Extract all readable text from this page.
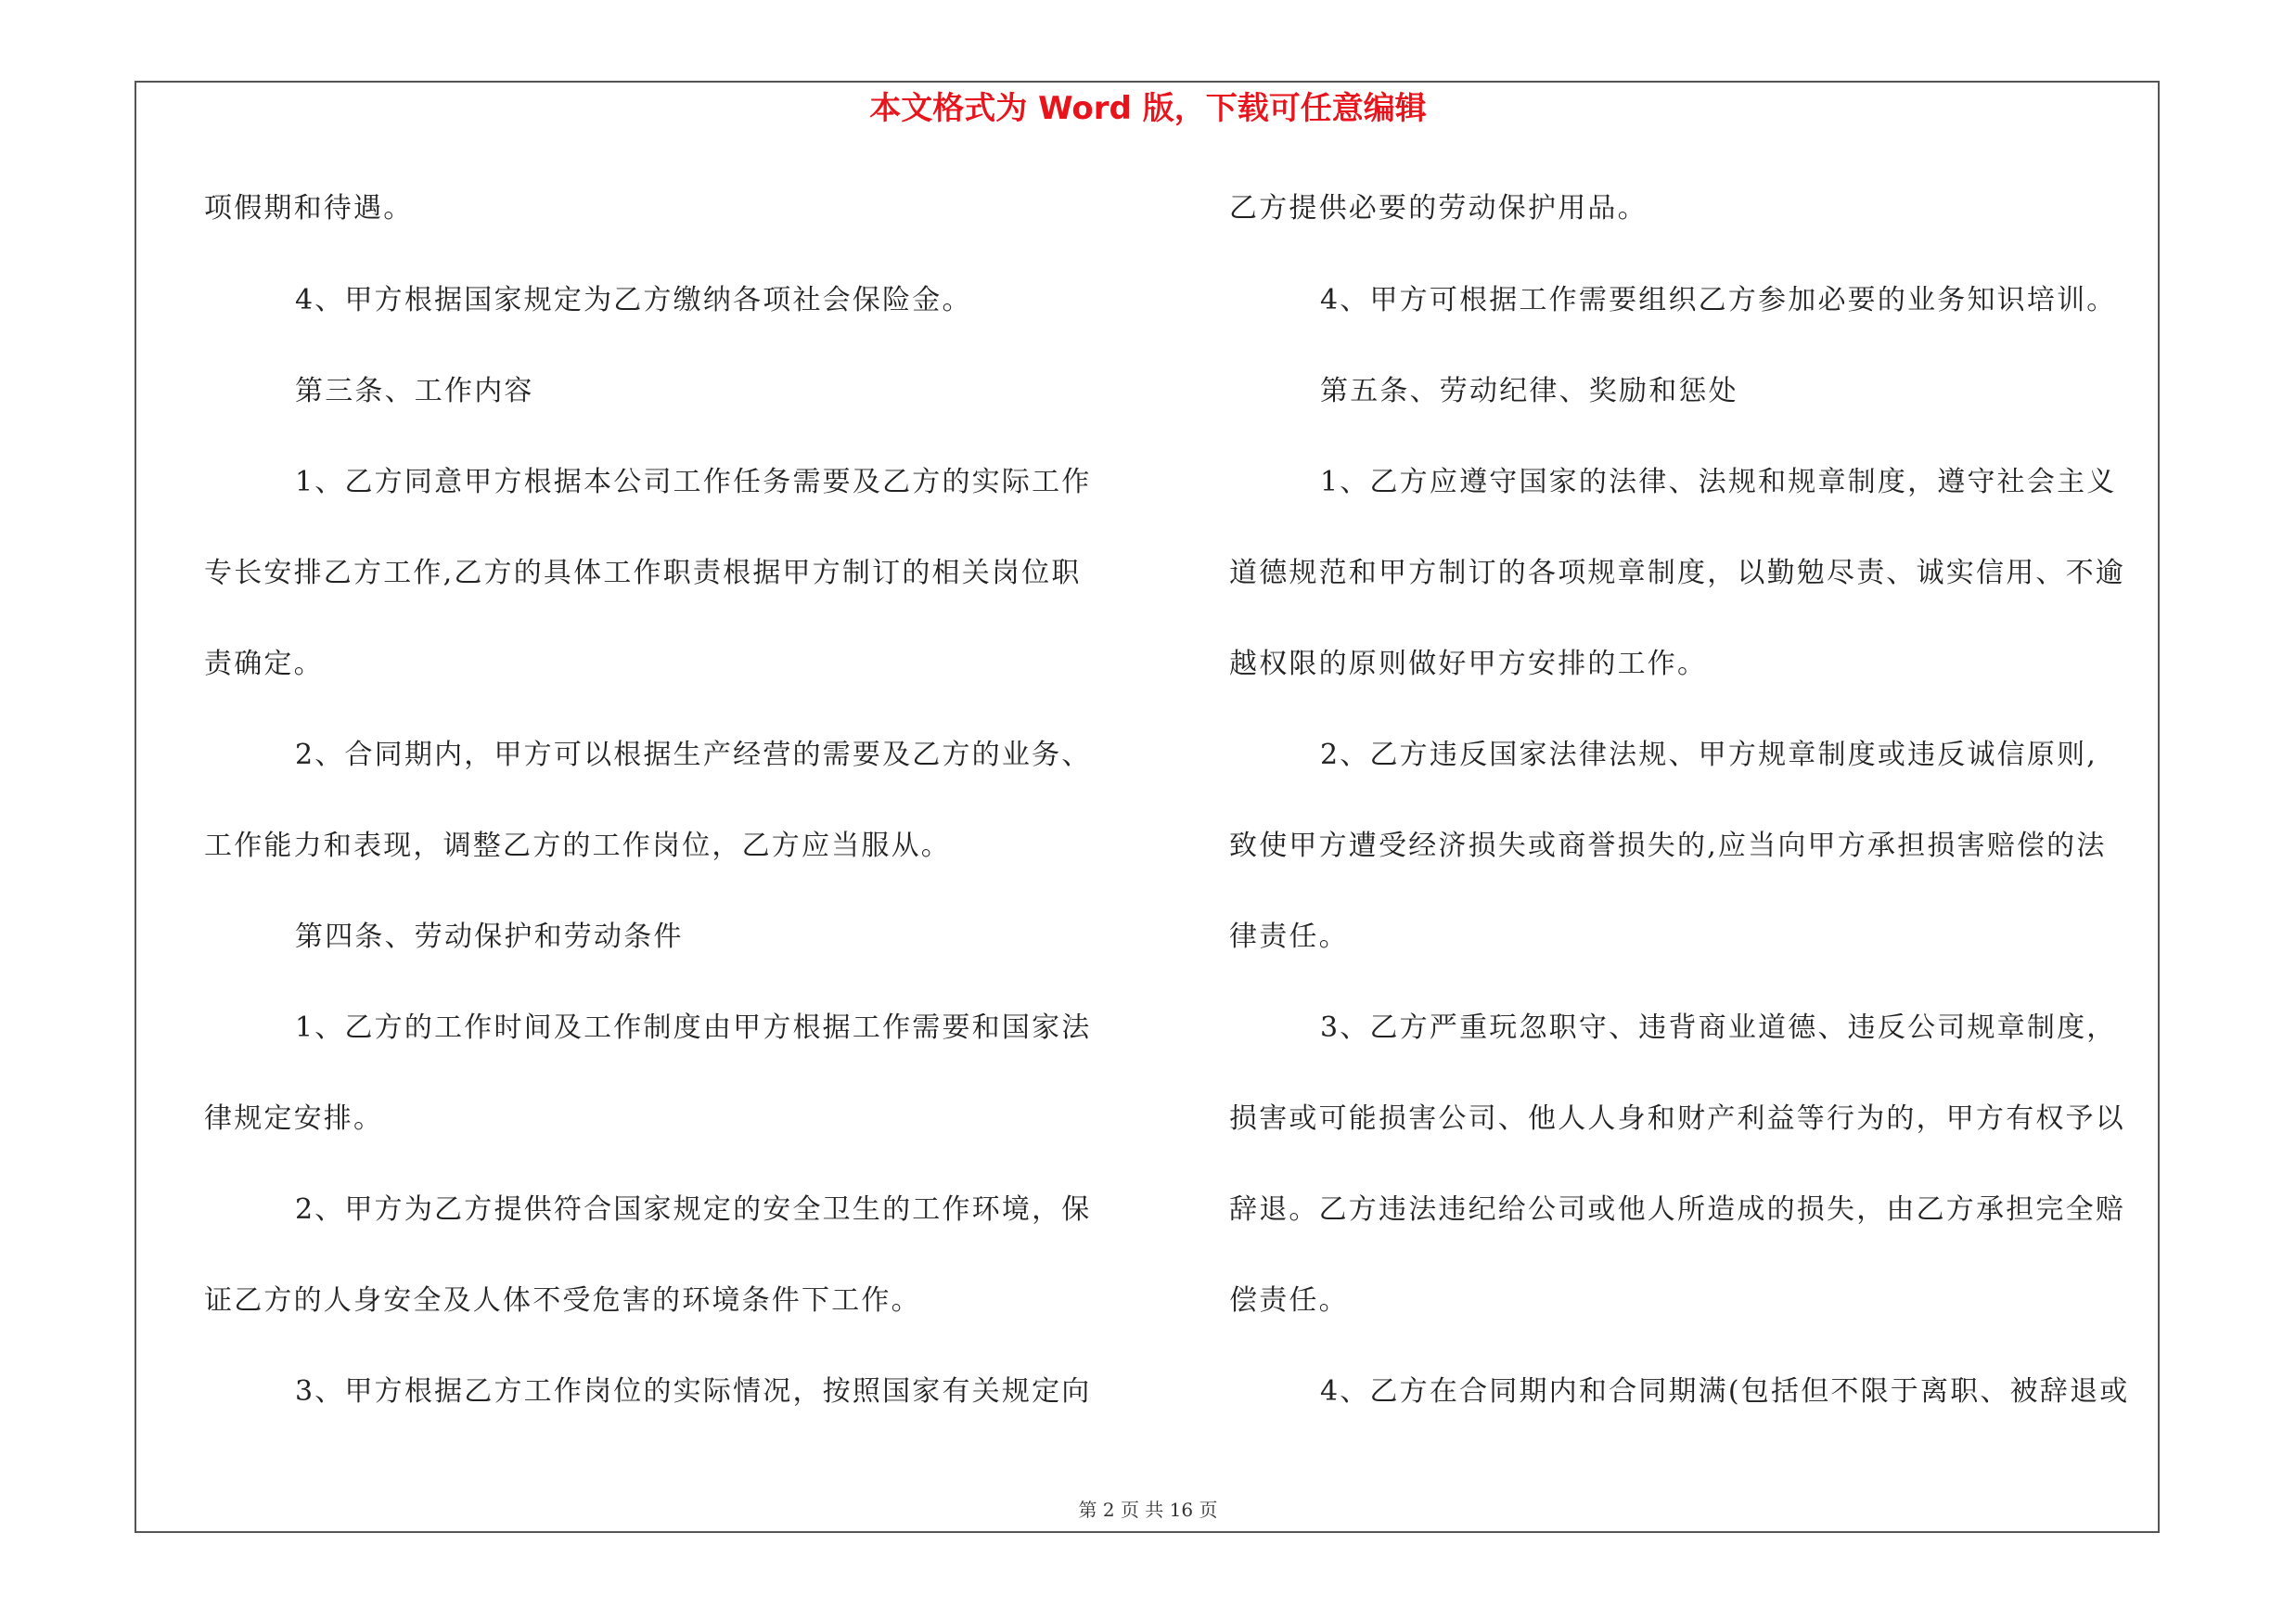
本文格式为 Word 版，下载可任意编辑
项假期和待遇。
4、甲方根据国家规定为乙方缴纳各项社会保险金。
第三条、工作内容
1、乙方同意甲方根据本公司工作任务需要及乙方的实际工作
专长安排乙方工作,乙方的具体工作职责根据甲方制订的相关岗位职
责确定。
2、合同期内，甲方可以根据生产经营的需要及乙方的业务、
工作能力和表现，调整乙方的工作岗位，乙方应当服从。
第四条、劳动保护和劳动条件
1、乙方的工作时间及工作制度由甲方根据工作需要和国家法
律规定安排。
2、甲方为乙方提供符合国家规定的安全卫生的工作环境，保
证乙方的人身安全及人体不受危害的环境条件下工作。
3、甲方根据乙方工作岗位的实际情况，按照国家有关规定向
乙方提供必要的劳动保护用品。
4、甲方可根据工作需要组织乙方参加必要的业务知识培训。
第五条、劳动纪律、奖励和惩处
1、乙方应遵守国家的法律、法规和规章制度，遵守社会主义
道德规范和甲方制订的各项规章制度，以勤勉尽责、诚实信用、不逾
越权限的原则做好甲方安排的工作。
2、乙方违反国家法律法规、甲方规章制度或违反诚信原则,
致使甲方遭受经济损失或商誉损失的,应当向甲方承担损害赔偿的法
律责任。
3、乙方严重玩忽职守、违背商业道德、违反公司规章制度，
损害或可能损害公司、他人人身和财产利益等行为的，甲方有权予以
辞退。乙方违法违纪给公司或他人所造成的损失，由乙方承担完全赔
偿责任。
4、乙方在合同期内和合同期满(包括但不限于离职、被辞退或
第 2 页 共 16 页
